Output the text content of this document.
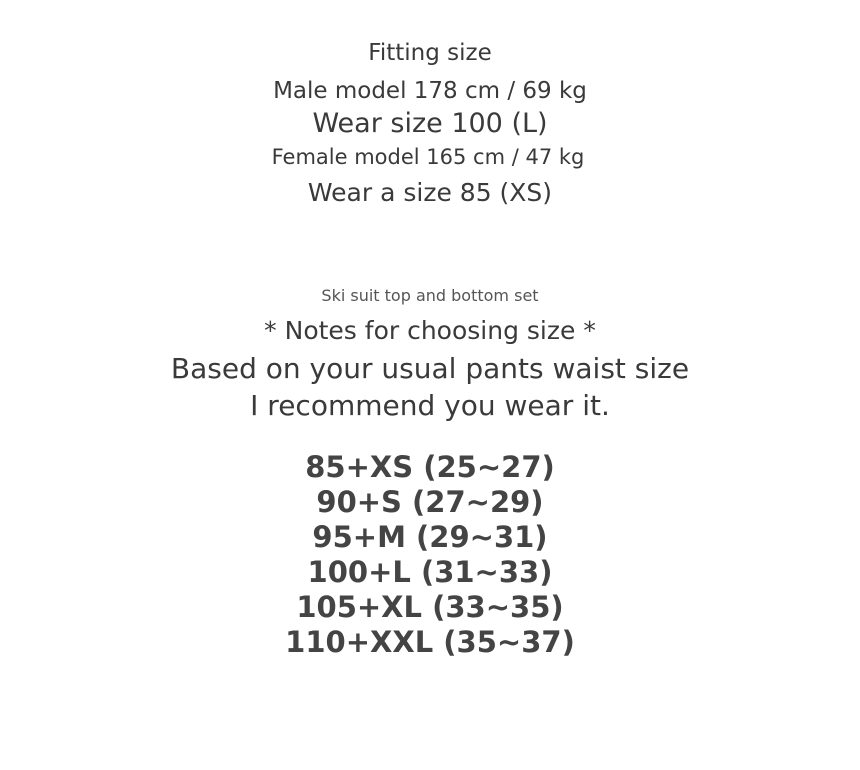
Fitting size
Male model 178 cm / 69 kg
Wear size 100 (L)
Female model 165 cm / 47 kg
Wear a size 85 (XS)
Ski suit top and bottom set
* Notes for choosing size *
Based on your usual pants waist size
I recommend you wear it.
85+XS (25~27)
90+S (27~29)
95+M (29~31)
100+L (31~33)
105+XL (33~35)
110+XXL (35~37)
